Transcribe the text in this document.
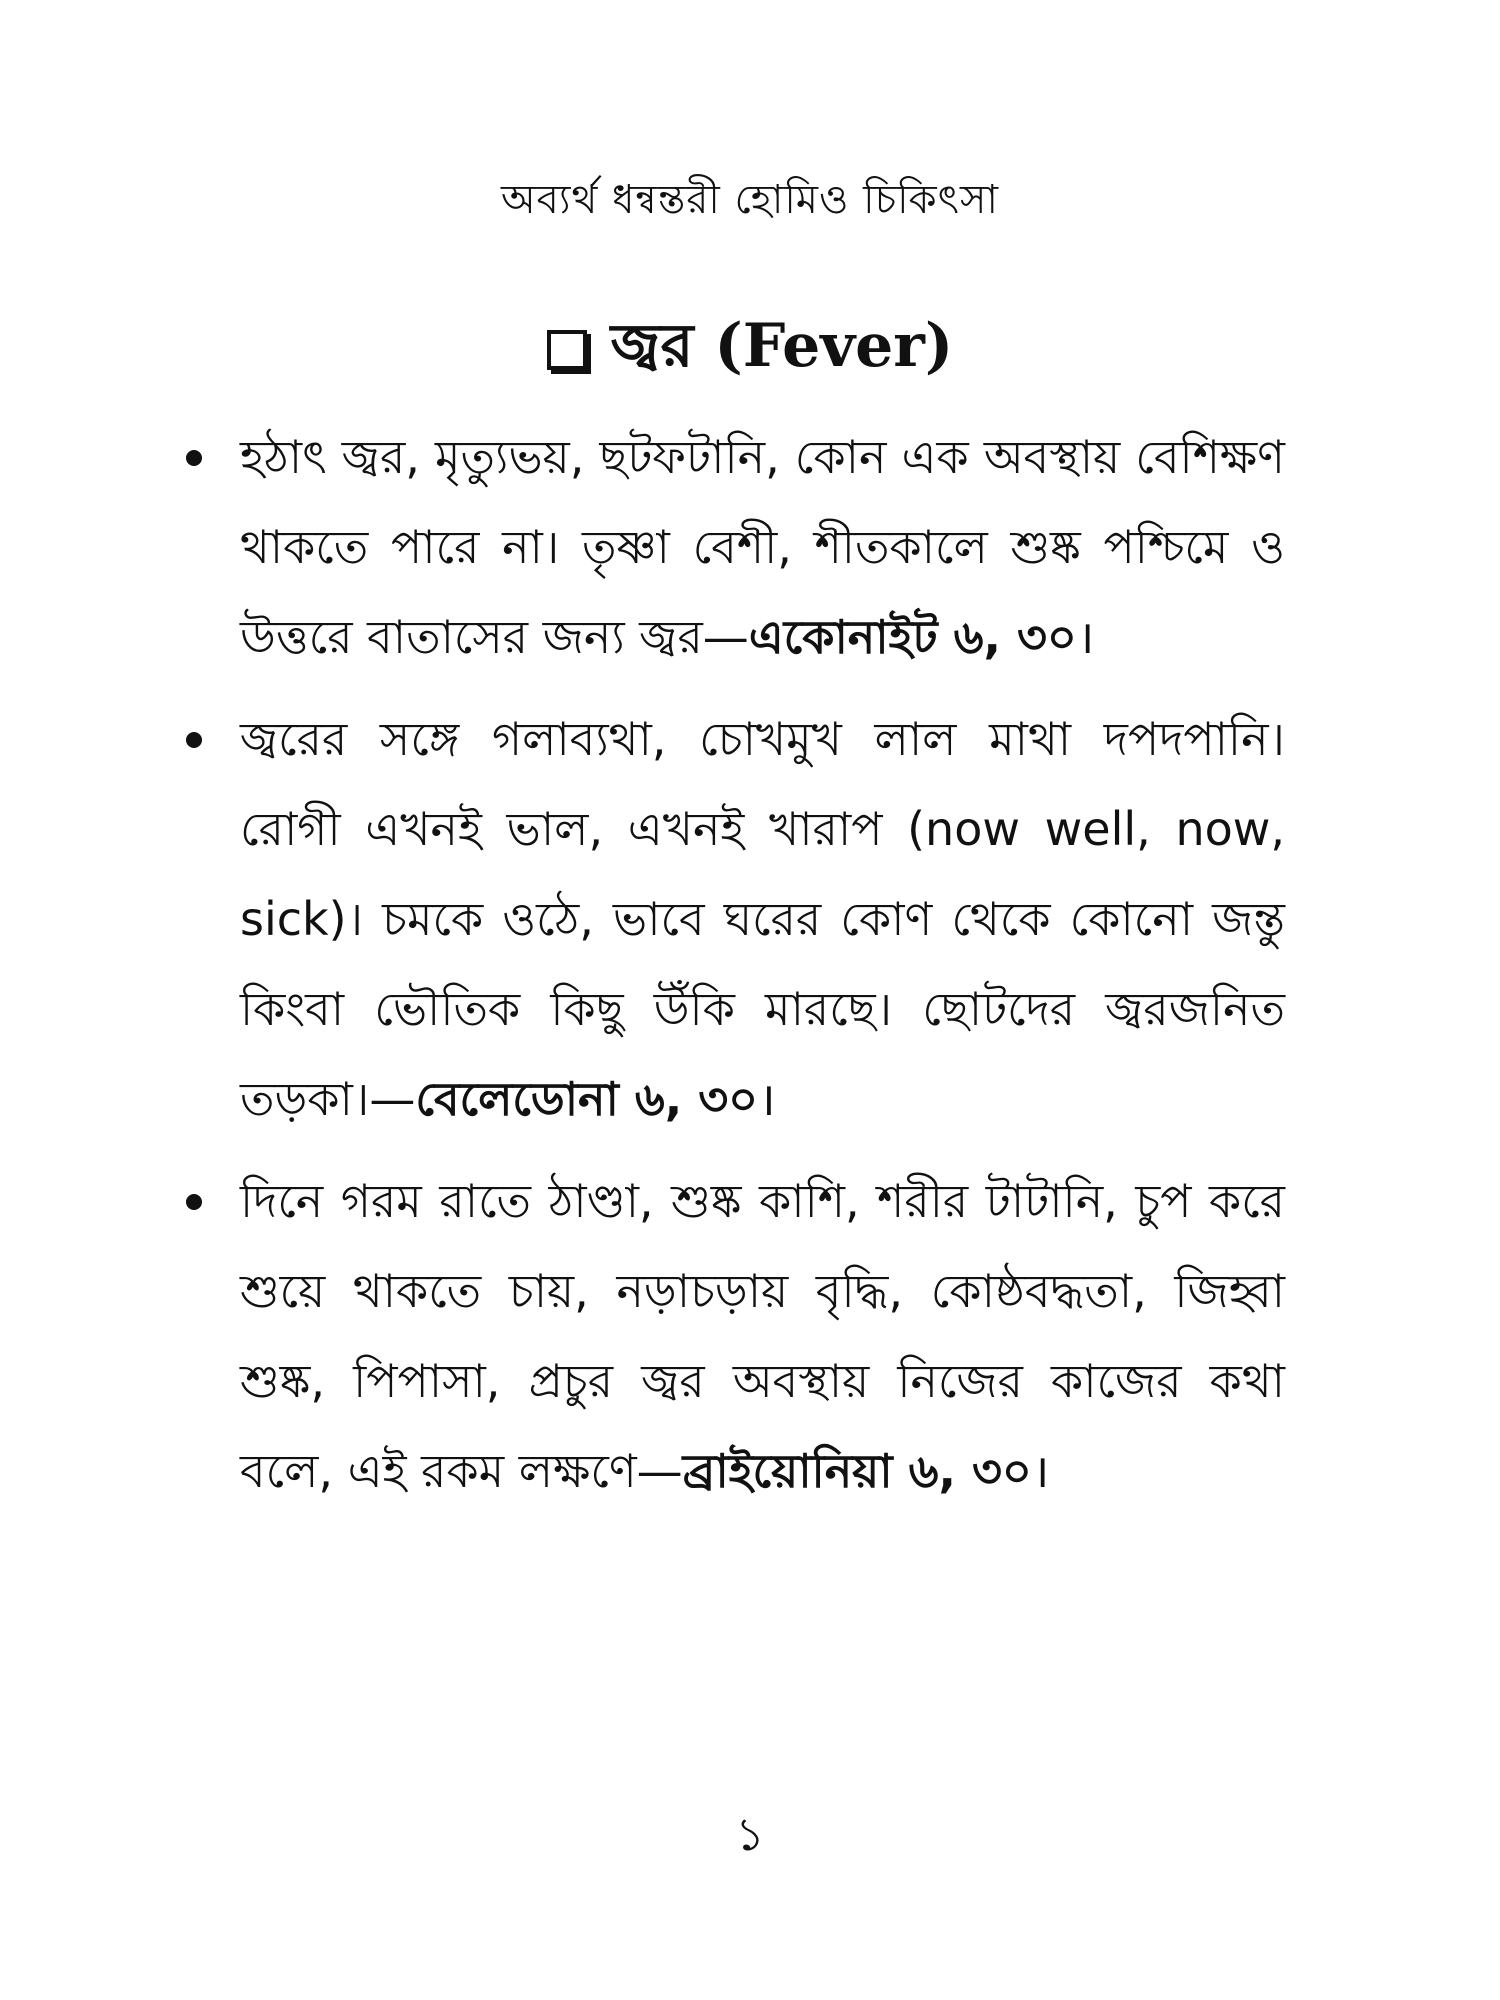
অব্যর্থ ধন্বন্তরী হোমিও চিকিৎসা
জ্বর (Fever)
হঠাৎ জ্বর, মৃত্যুভয়, ছটফটানি, কোন এক অবস্থায় বেশিক্ষণ থাকতে পারে না। তৃষ্ণা বেশী, শীতকালে শুষ্ক পশ্চিমে ও উত্তরে বাতাসের জন্য জ্বর—একোনাইট ৬, ৩০।
জ্বরের সঙ্গে গলাব্যথা, চোখমুখ লাল মাথা দপদপানি। রোগী এখনই ভাল, এখনই খারাপ (now well, now, sick)। চমকে ওঠে, ভাবে ঘরের কোণ থেকে কোনো জন্তু কিংবা ভৌতিক কিছু উঁকি মারছে। ছোটদের জ্বরজনিত তড়কা।—বেলেডোনা ৬, ৩০।
দিনে গরম রাতে ঠাণ্ডা, শুষ্ক কাশি, শরীর টাটানি, চুপ করে শুয়ে থাকতে চায়, নড়াচড়ায় বৃদ্ধি, কোষ্ঠবদ্ধতা, জিহ্বা শুষ্ক, পিপাসা, প্রচুর জ্বর অবস্থায় নিজের কাজের কথা বলে, এই রকম লক্ষণে—ব্রাইয়োনিয়া ৬, ৩০।
১
